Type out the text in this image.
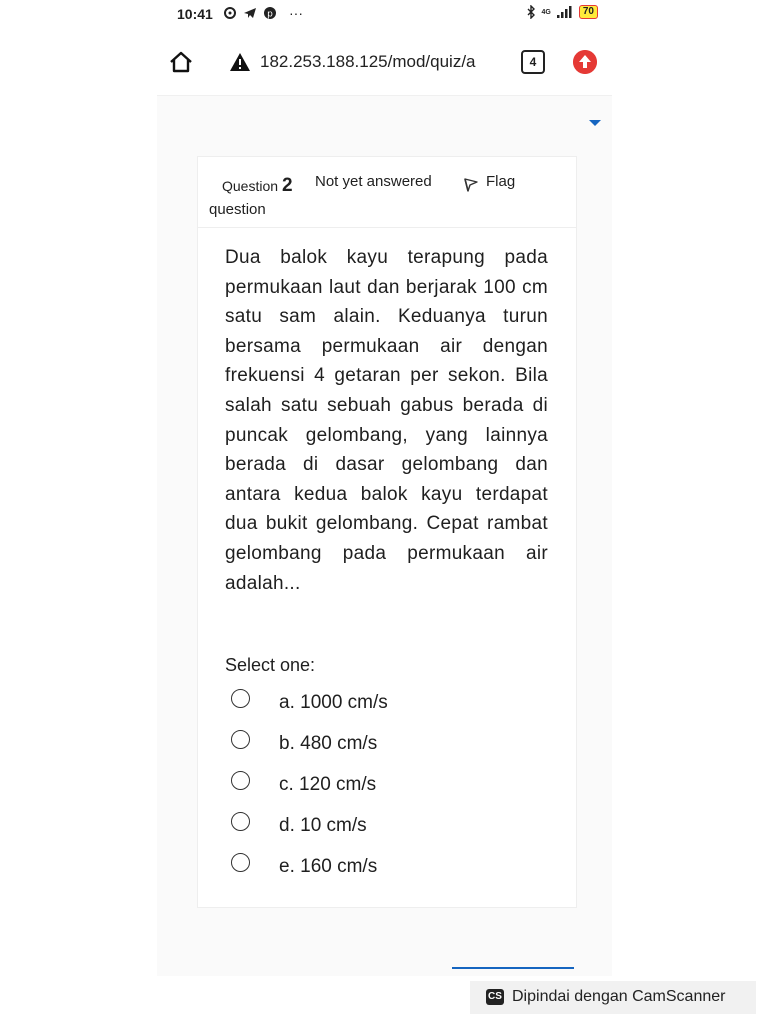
10:41	p ···	4G	70
182.253.188.125/mod/quiz/a	4
Question 2 Not yet answered	Flag
question
Dua balok kayu terapung pada permukaan laut dan berjarak 100 cm satu sam alain. Keduanya turun bersama permukaan air dengan frekuensi 4 getaran per sekon. Bila salah satu sebuah gabus berada di puncak gelombang, yang lainnya berada di dasar gelombang dan antara kedua balok kayu terdapat dua bukit gelombang. Cepat rambat gelombang pada permukaan air adalah...
Select one:
a. 1000 cm/s
b. 480 cm/s
c. 120 cm/s
d. 10 cm/s
e. 160 cm/s
CS Dipindai dengan CamScanner
